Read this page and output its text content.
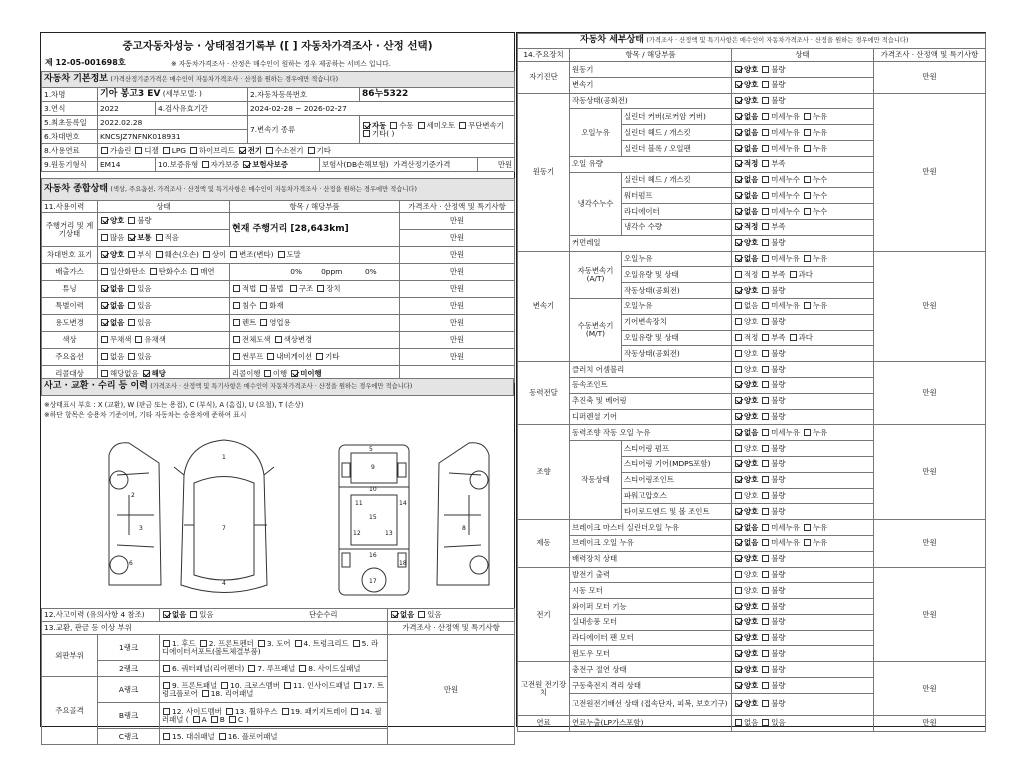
중고자동차성능 · 상태점검기록부 ([ ] 자동차가격조사 · 산정 선택)
제 12-05-001698호	※ 자동차가격조사 · 산정은 매수인이 원하는 경우 제공하는 서비스 입니다.
자동차 기본정보 (가격산정기준가격은 매수인이 자동차가격조사 · 산정을 원하는 경우에만 적습니다)						
1.차명	기아 봉고3 EV (세부모델: )		2.자동차등록번호		86누5322	
3.연식	2022	4.검사유효기간	2024-02-28 ~ 2026-02-27			
5.최초등록일	2022.02.28		7.변속기 종류		자동 수동 세미오토 무단변속기기타( )	
6.차대번호	KNCSJZ7NFNK018931					
8.사용연료	가솔린 디젤 LPG 하이브리드 전기 수소전기 기타					
9.원동기형식	EM14	10.보증유형 자가보증 보험사보증		보험사(DB손해보험) 가격산정기준가격		만원
자동차 종합상태 (색상, 주요옵션, 가격조사 · 산정액 및 특기사항은 매수인이 자동차가격조사 · 산정을 원하는 경우에만 적습니다)			
11.사용이력	상태	항목 / 해당부품	가격조사 · 산정액 및 특기사항
주행거리 및 계기상태	양호 불량	현재 주행거리 [28,643km]	만원
	많음 보통 적음		만원
차대번호 표기	양호 부식 훼손(오손) 상이 변조(변타) 도말		만원
배출가스	일산화탄소 탄화수소 매연	0% 0ppm 0%	만원
튜닝	없음 있음	적법 불법 구조 장치	만원
특별이력	없음 있음	침수 화재	만원
용도변경	없음 있음	렌트 영업용	만원
색상	무채색 유채색	전체도색 색상변경	만원
주요옵션	없음 있음	썬루프 내비게이션 기타	만원
리콜대상	해당없음 해당	리콜이행 이행 미이행	
사고 · 교환 · 수리 등 이력 (가격조사 · 산정액 및 특기사항은 매수인이 자동차가격조사 · 산정을 원하는 경우에만 적습니다)
※상태표시 부호 : X (교환), W (판금 또는 용접), C (부식), A (흠집), U (요철), T (손상)
※하단 항목은 승용차 기준이며, 기타 자동차는 승용차에 준하여 표시
1
2
3
4
5
6
7	8
9
10
11
12	13
14
15
16
17
18
12.사고이력 (유의사항 4 참조)		없음 있음 단순수리	없음 있음
13.교환, 판금 등 이상 부위			가격조사 · 산정액 및 특기사항
외판부위	1랭크	1. 후드 2. 프론트펜더 3. 도어 4. 트렁크리드 5. 라디에이터서포트(볼트체결부품)	만원
	2랭크	6. 쿼터패널(리어펜더) 7. 루프패널 8. 사이드실패널	
주요골격	A랭크	9. 프론트패널 10. 크로스멤버 11. 인사이드패널 17. 트렁크플로어 18. 리어패널	
	B랭크	12. 사이드멤버 13. 휠하우스 19. 패키지트레이 14. 필러패널 ( A B C )	
	C랭크	15. 대쉬패널 16. 플로어패널	
자동차 세부상태 (가격조사 · 산정액 및 특기사항은 매수인이 자동차가격조사 · 산정을 원하는 경우에만 적습니다)				
14.주요장치	항목 / 해당부품		상태	가격조사 · 산정액 및 특기사항
자기진단	원동기		양호 불량	만원
	변속기		양호 불량	
원동기	작동상태(공회전)		양호 불량	만원
	오일누유	실린더 커버(로커암 커버)	없음 미세누유 누유	
		실린더 헤드 / 개스킷	없음 미세누유 누유	
		실린더 블록 / 오일팬	없음 미세누유 누유	
	오일 유량		적정 부족	
	냉각수누수	실린더 헤드 / 개스킷	없음 미세누수 누수	
		워터펌프	없음 미세누수 누수	
		라디에이터	없음 미세누수 누수	
		냉각수 수량	적정 부족	
	커먼레일		양호 불량	
변속기	자동변속기 (A/T)	오일누유	없음 미세누유 누유	만원
		오일유량 및 상태	적정 부족 과다	
		작동상태(공회전)	양호 불량	
	수동변속기 (M/T)	오일누유	없음 미세누유 누유	
		기어변속장치	양호 불량	
		오일유량 및 상태	적정 부족 과다	
		작동상태(공회전)	양호 불량	
동력전달	클러치 어셈블리		양호 불량	만원
	등속조인트		양호 불량	
	추진축 및 베어링		양호 불량	
	디퍼렌셜 기어		양호 불량	
조향	동력조향 작동 오일 누유		없음 미세누유 누유	만원
	작동상태	스티어링 펌프	양호 불량	
		스티어링 기어(MDPS포함)	양호 불량	
		스티어링조인트	양호 불량	
		파워고압호스	양호 불량	
		타이로드엔드 및 볼 조인트	양호 불량	
제동	브레이크 마스터 실린더오일 누유		없음 미세누유 누유	만원
	브레이크 오일 누유		없음 미세누유 누유	
	배력장치 상태		양호 불량	
전기	발전기 출력		양호 불량	만원
	시동 모터		양호 불량	
	와이퍼 모터 기능		양호 불량	
	실내송풍 모터		양호 불량	
	라디에이터 팬 모터		양호 불량	
	윈도우 모터		양호 불량	
고전원 전기장치	충전구 절연 상태		양호 불량	만원
	구동축전지 격리 상태		양호 불량	
	고전원전기배선 상태 (접속단자, 피복, 보호기구)		양호 불량	
연료	연료누출(LP가스포함)		없음 있음	만원
